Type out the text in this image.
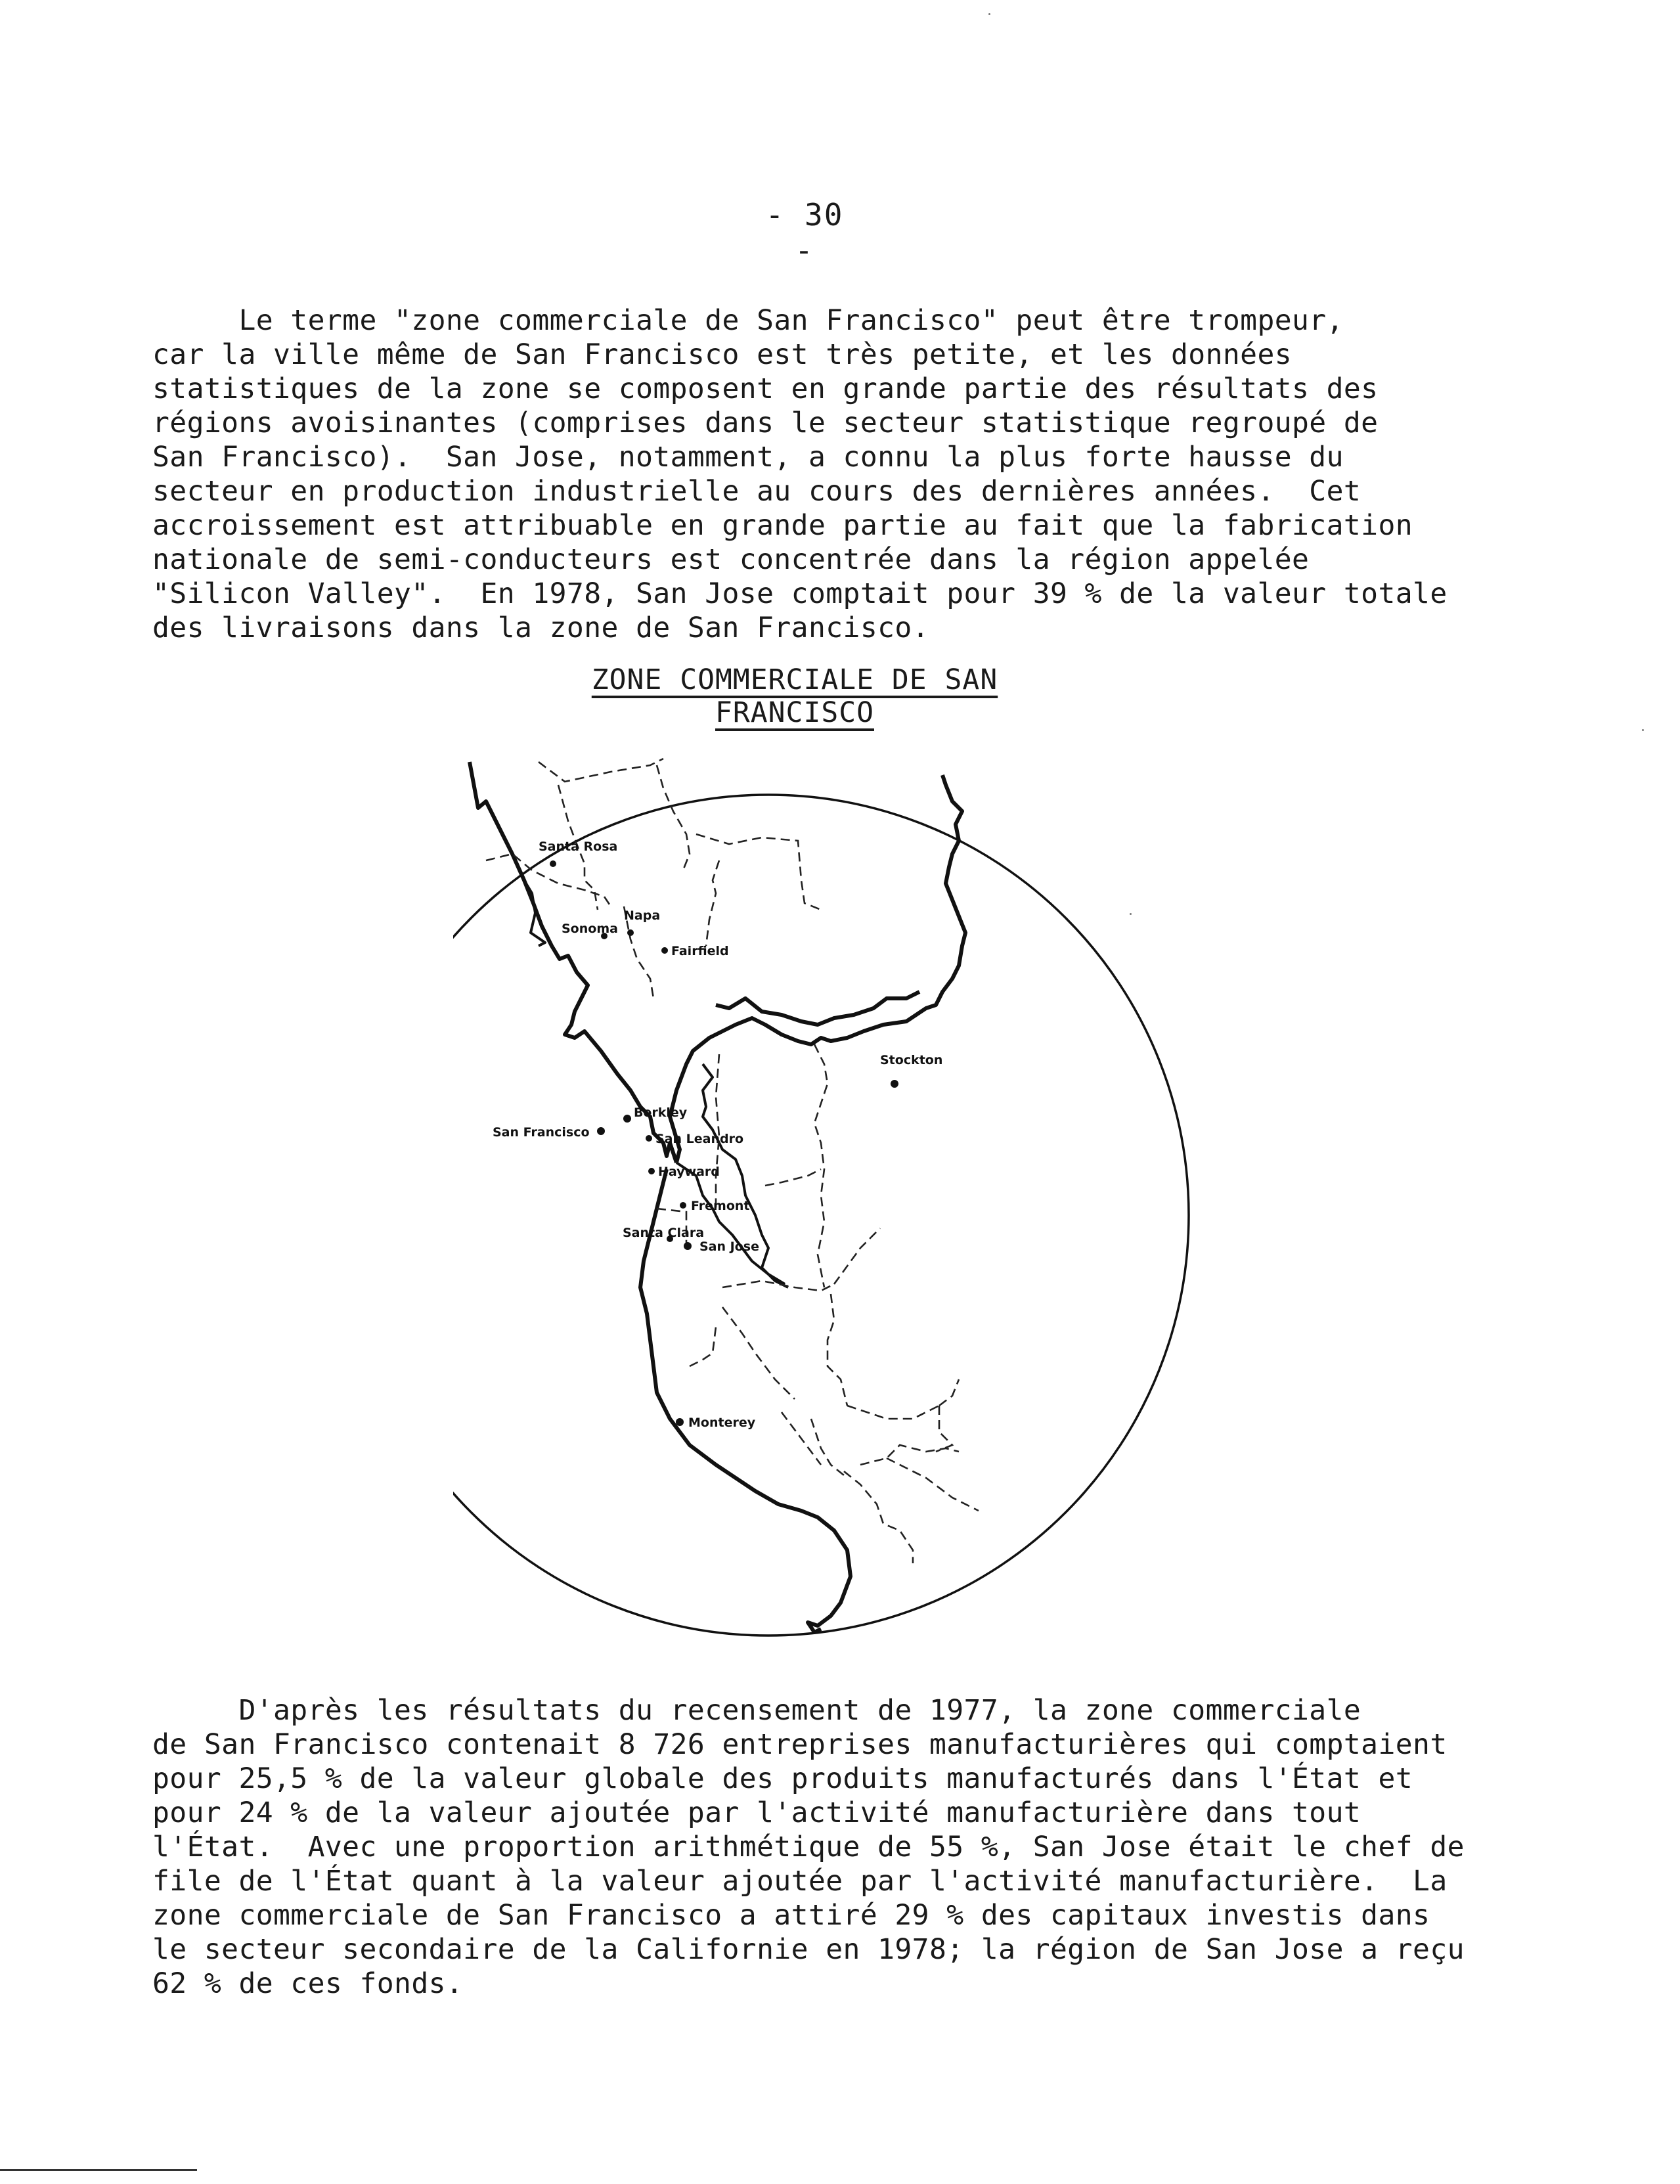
- 30 -

Le terme "zone commerciale de San Francisco" peut être trompeur,
car la ville même de San Francisco est très petite, et les données
statistiques de la zone se composent en grande partie des résultats des
régions avoisinantes (comprises dans le secteur statistique regroupé de
San Francisco).  San Jose, notamment, a connu la plus forte hausse du
secteur en production industrielle au cours des dernières années.  Cet
accroissement est attribuable en grande partie au fait que la fabrication
nationale de semi-conducteurs est concentrée dans la région appelée
"Silicon Valley".  En 1978, San Jose comptait pour 39 % de la valeur totale
des livraisons dans la zone de San Francisco.

ZONE COMMERCIALE DE SAN FRANCISCO
Santa Rosa
Sonoma
Napa
Fairfield
Stockton
San Francisco
Berkley
San Leandro
Hayward
Fremont
Santa Clara
San Jose
Monterey

D'après les résultats du recensement de 1977, la zone commerciale
de San Francisco contenait 8 726 entreprises manufacturières qui comptaient
pour 25,5 % de la valeur globale des produits manufacturés dans l'État et
pour 24 % de la valeur ajoutée par l'activité manufacturière dans tout
l'État.  Avec une proportion arithmétique de 55 %, San Jose était le chef de
file de l'État quant à la valeur ajoutée par l'activité manufacturière.  La
zone commerciale de San Francisco a attiré 29 % des capitaux investis dans
le secteur secondaire de la Californie en 1978; la région de San Jose a reçu
62 % de ces fonds.
